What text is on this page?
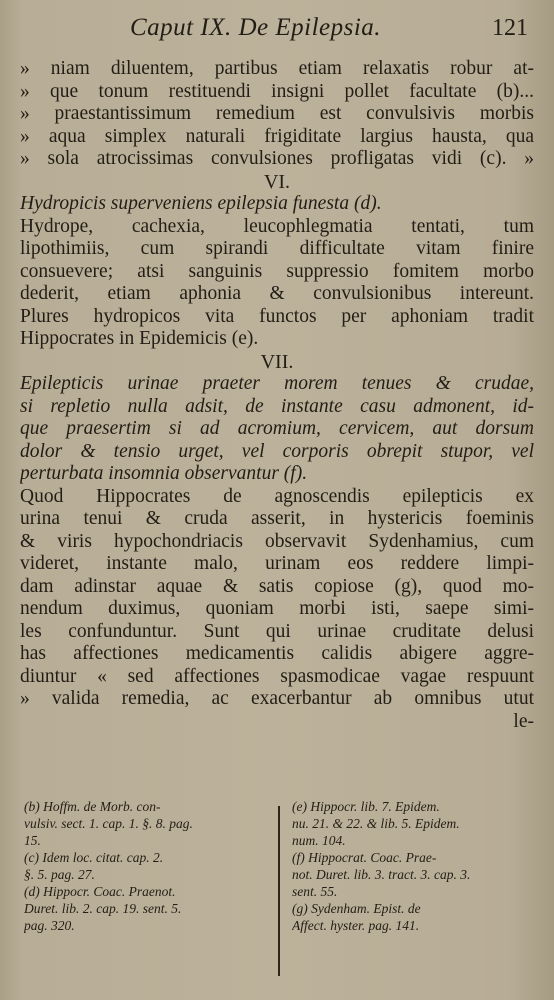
Caput IX. De Epilepsia.	121
» niam diluentem, partibus etiam relaxatis robur at-
» que tonum restituendi insigni pollet facultate (b)...
» praestantissimum remedium est convulsivis morbis
» aqua simplex naturali frigiditate largius hausta, qua
» sola atrocissimas convulsiones profligatas vidi (c). »
VI.
Hydropicis superveniens epilepsia funesta (d).
Hydrope, cachexia, leucophlegmatia tentati, tum
lipothimiis, cum spirandi difficultate vitam finire
consuevere; atsi sanguinis suppressio fomitem morbo
dederit, etiam aphonia & convulsionibus intereunt.
Plures hydropicos vita functos per aphoniam tradit
Hippocrates in Epidemicis (e).
VII.
Epilepticis urinae praeter morem tenues & crudae,
si repletio nulla adsit, de instante casu admonent, id-
que praesertim si ad acromium, cervicem, aut dorsum
dolor & tensio urget, vel corporis obrepit stupor, vel
perturbata insomnia observantur (f).
Quod Hippocrates de agnoscendis epilepticis ex
urina tenui & cruda asserit, in hystericis foeminis
& viris hypochondriacis observavit Sydenhamius, cum
videret, instante malo, urinam eos reddere limpi-
dam adinstar aquae & satis copiose (g), quod mo-
nendum duximus, quoniam morbi isti, saepe simi-
les confunduntur. Sunt qui urinae cruditate delusi
has affectiones medicamentis calidis abigere aggre-
diuntur « sed affectiones spasmodicae vagae respuunt
» valida remedia, ac exacerbantur ab omnibus utut
le-
(b) Hoffm. de Morb. con-
vulsiv. sect. 1. cap. 1. §. 8. pag.
15.
(c) Idem loc. citat. cap. 2.
§. 5. pag. 27.
(d) Hippocr. Coac. Praenot.
Duret. lib. 2. cap. 19. sent. 5.
pag. 320.
(e) Hippocr. lib. 7. Epidem.
nu. 21. & 22. & lib. 5. Epidem.
num. 104.
(f) Hippocrat. Coac. Prae-
not. Duret. lib. 3. tract. 3. cap. 3.
sent. 55.
(g) Sydenham. Epist. de
Affect. hyster. pag. 141.
